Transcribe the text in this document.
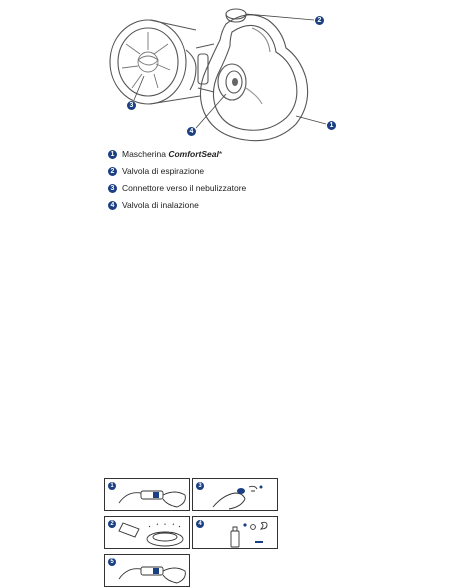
2
1
3
4
1 Mascherina ComfortSeal*
2 Valvola di espirazione
3 Connettore verso il nebulizzatore
4 Valvola di inalazione
1	3
2	4
5
